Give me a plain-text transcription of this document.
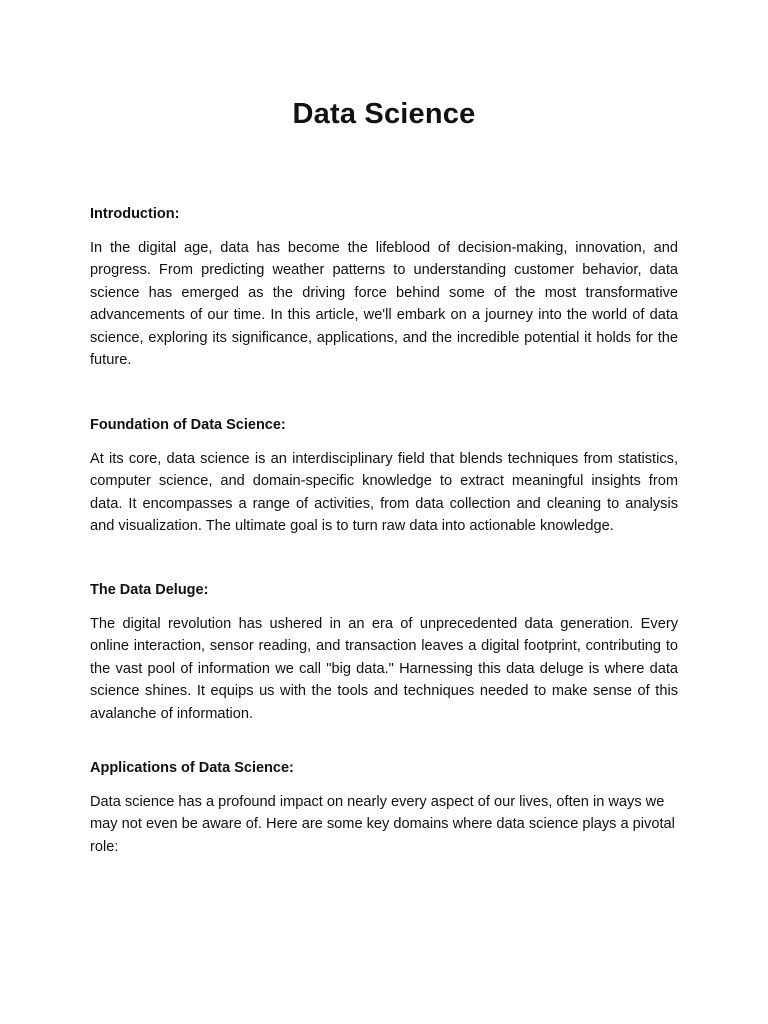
Data Science

Introduction:

In the digital age, data has become the lifeblood of decision-making, innovation, and progress. From predicting weather patterns to understanding customer behavior, data science has emerged as the driving force behind some of the most transformative advancements of our time. In this article, we'll embark on a journey into the world of data science, exploring its significance, applications, and the incredible potential it holds for the future.

Foundation of Data Science:

At its core, data science is an interdisciplinary field that blends techniques from statistics, computer science, and domain-specific knowledge to extract meaningful insights from data. It encompasses a range of activities, from data collection and cleaning to analysis and visualization. The ultimate goal is to turn raw data into actionable knowledge.

The Data Deluge:

The digital revolution has ushered in an era of unprecedented data generation. Every online interaction, sensor reading, and transaction leaves a digital footprint, contributing to the vast pool of information we call "big data." Harnessing this data deluge is where data science shines. It equips us with the tools and techniques needed to make sense of this avalanche of information.

Applications of Data Science:

Data science has a profound impact on nearly every aspect of our lives, often in ways we may not even be aware of. Here are some key domains where data science plays a pivotal role:
